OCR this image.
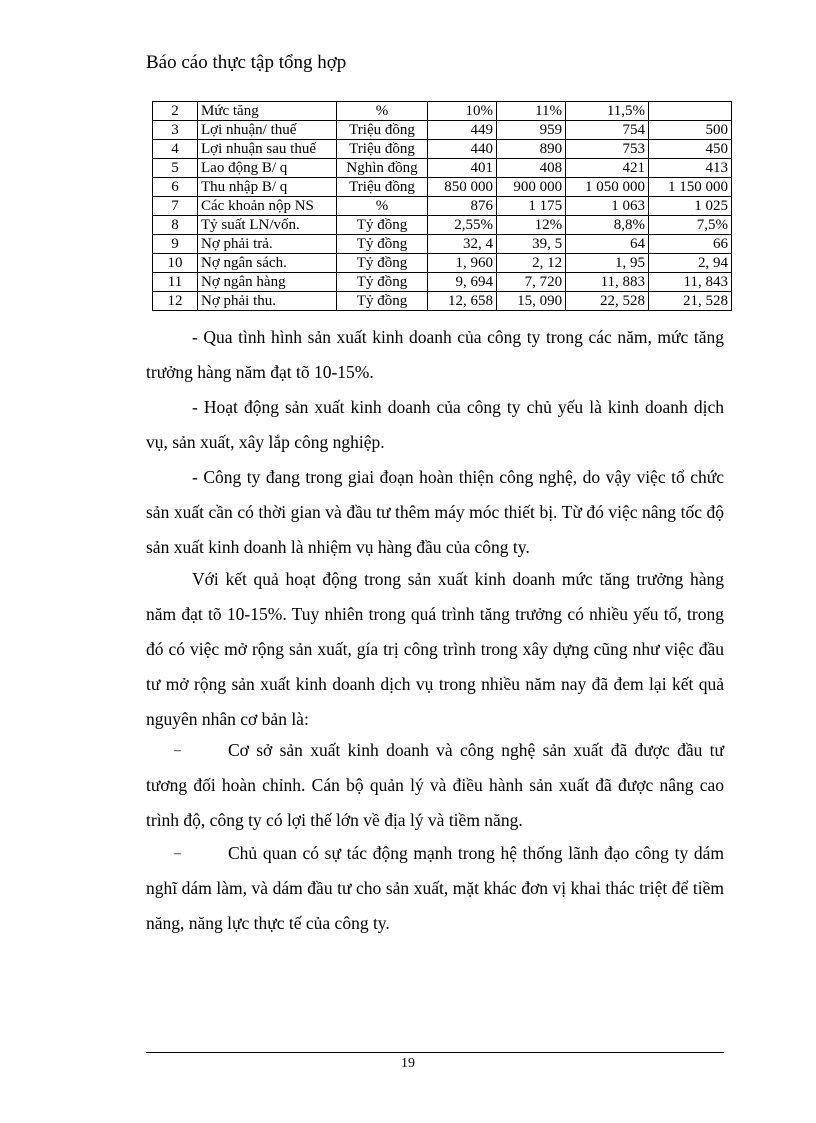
Báo cáo thực tập tổng hợp
2	Mức tăng	%	10%	11%	11,5%	
3	Lợi nhuận/ thuế	Triệu đồng	449	959	754	500
4	Lợi nhuận sau thuế	Triệu đồng	440	890	753	450
5	Lao động B/ q	Nghìn đồng	401	408	421	413
6	Thu nhập B/ q	Triệu đồng	850 000	900 000	1 050 000	1 150 000
7	Các khoản nộp NS	%	876	1 175	1 063	1 025
8	Tỷ suất LN/vốn.	Tỷ đồng	2,55%	12%	8,8%	7,5%
9	Nợ phải trả.	Tỷ đồng	32, 4	39, 5	64	66
10	Nợ ngân sách.	Tỷ đồng	1, 960	2, 12	1, 95	2, 94
11	Nợ ngân hàng	Tỷ đồng	9, 694	7, 720	11, 883	11, 843
12	Nợ phải thu.	Tỷ đồng	12, 658	15, 090	22, 528	21, 528

- Qua tình hình sản xuất kinh doanh của công ty trong các năm, mức tăng trưởng hàng năm đạt tõ 10-15%.

- Hoạt động sản xuất kinh doanh của công ty chủ yếu là kinh doanh dịch vụ, sản xuất, xây lắp công nghiệp.

- Công ty đang trong giai đoạn hoàn thiện công nghệ, do vậy việc tổ chức sản xuất cần có thời gian và đầu tư thêm máy móc thiết bị. Từ đó việc nâng tốc độ sản xuất kinh doanh là nhiệm vụ hàng đầu của công ty.

Với kết quả hoạt động trong sản xuất kinh doanh mức tăng trưởng hàng năm đạt tõ 10-15%. Tuy nhiên trong quá trình tăng trưởng có nhiều yếu tố, trong đó có việc mở rộng sản xuất, gía trị công trình trong xây dựng cũng như việc đầu tư mở rộng sản xuất kinh doanh dịch vụ trong nhiều năm nay đã đem lại kết quả nguyên nhân cơ bản là:

–	Cơ sở sản xuất kinh doanh và công nghệ sản xuất đã được đầu tư tương đối hoàn chỉnh. Cán bộ quản lý và điều hành sản xuất đã được nâng cao trình độ, công ty có lợi thế lớn về địa lý và tiềm năng.

–	Chủ quan có sự tác động mạnh trong hệ thống lãnh đạo công ty dám nghĩ dám làm, và dám đầu tư cho sản xuất, mặt khác đơn vị khai thác triệt để tiềm năng, năng lực thực tế của công ty.

19
